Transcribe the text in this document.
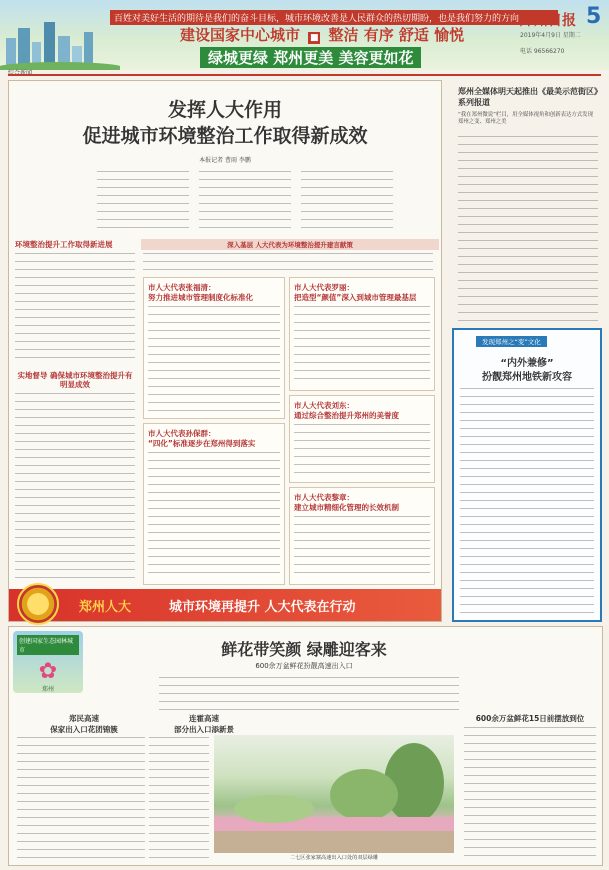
百姓对美好生活的期待是我们的奋斗目标，城市环境改善是人民群众的热切期盼，也是我们努力的方向
建设国家中心城市 ■ 整洁 有序 舒适 愉悦
绿城更绿 郑州更美 美容更如花
郑州日报 5
2019年4月9日 星期二
电话 96566270
发挥人大作用
促进城市环境整治工作取得新成效
本报记者 曹雨 李鹏
环境整治提升工作取得新进展
实地督导 确保城市环境整治提升有明显成效
深入基层 人大代表为环境整治提升建言献策
市人大代表张福清：
努力推进城市管理制度化标准化
市人大代表孙保群：
“四化”标准逐步在郑州得到落实
市人大代表罗丽：
把造型“颜值”深入到城市管理最基层
市人大代表刘东：
通过综合整治提升郑州的美誉度
市人大代表黎章：
建立城市精细化管理的长效机制
郑州人大	城市环境再提升 人大代表在行动
郑州全媒体明天起推出《最美示范街区》系列报道
“我在郑州微说”栏目，用全媒体视角和创新表达方式发现郑州之变、郑州之美
发现郑州之“变”文化
“内外兼修”
扮靓郑州地铁新攻容
创建国家生态园林城市
✿
郑州
鲜花带笑颜 绿雕迎客来
600余万盆鲜花扮靓高速出入口
郑民高速
保家出入口花团锦簇
连霍高速
部分出入口添新景
二七区张家寨高速出入口处的双层绿雕
600余万盆鲜花15日前摆放到位
